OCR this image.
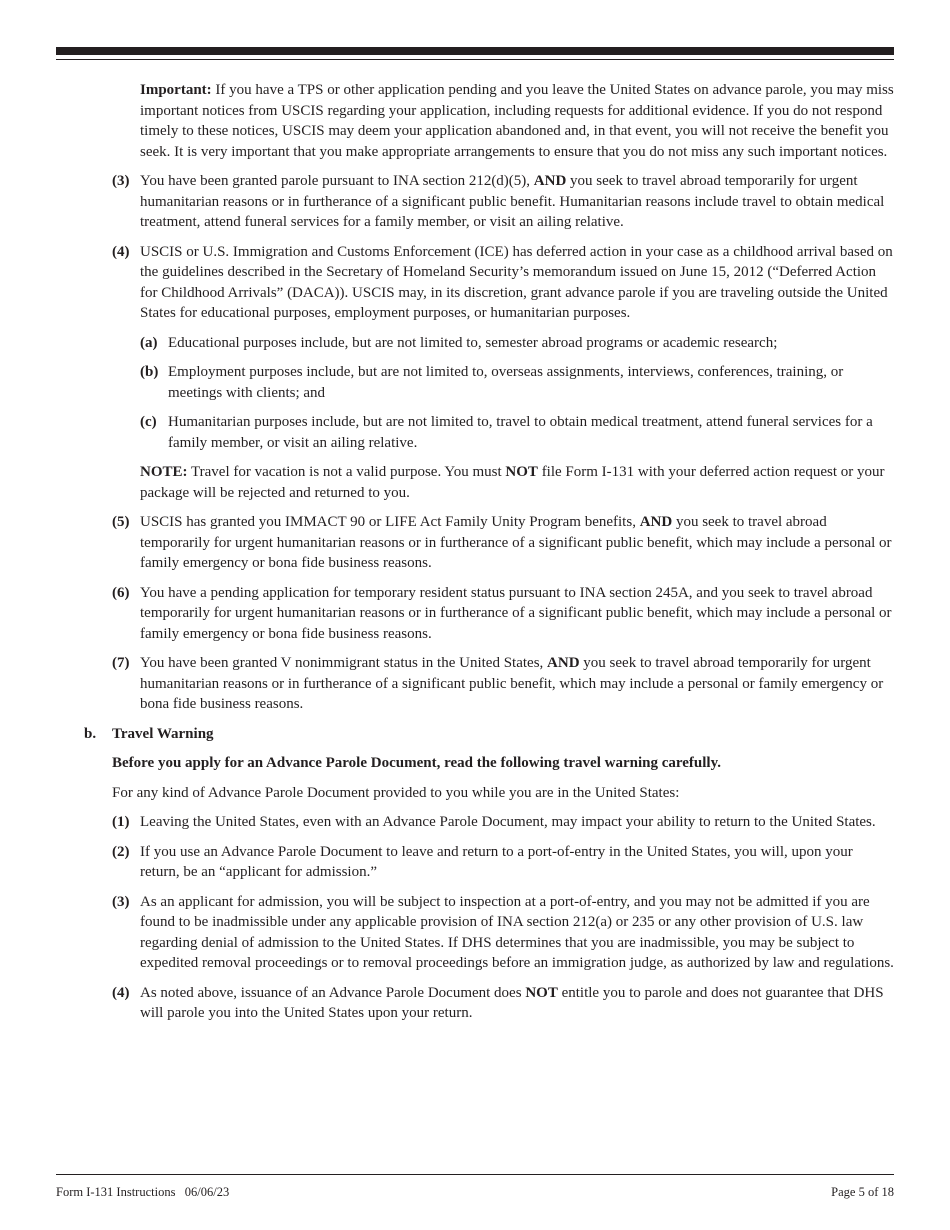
Important: If you have a TPS or other application pending and you leave the United States on advance parole, you may miss important notices from USCIS regarding your application, including requests for additional evidence. If you do not respond timely to these notices, USCIS may deem your application abandoned and, in that event, you will not receive the benefit you seek. It is very important that you make appropriate arrangements to ensure that you do not miss any such important notices.

(3) You have been granted parole pursuant to INA section 212(d)(5), AND you seek to travel abroad temporarily for urgent humanitarian reasons or in furtherance of a significant public benefit. Humanitarian reasons include travel to obtain medical treatment, attend funeral services for a family member, or visit an ailing relative.

(4) USCIS or U.S. Immigration and Customs Enforcement (ICE) has deferred action in your case as a childhood arrival based on the guidelines described in the Secretary of Homeland Security’s memorandum issued on June 15, 2012 (“Deferred Action for Childhood Arrivals” (DACA)). USCIS may, in its discretion, grant advance parole if you are traveling outside the United States for educational purposes, employment purposes, or humanitarian purposes.

(a) Educational purposes include, but are not limited to, semester abroad programs or academic research;

(b) Employment purposes include, but are not limited to, overseas assignments, interviews, conferences, training, or meetings with clients; and

(c) Humanitarian purposes include, but are not limited to, travel to obtain medical treatment, attend funeral services for a family member, or visit an ailing relative.

NOTE: Travel for vacation is not a valid purpose. You must NOT file Form I-131 with your deferred action request or your package will be rejected and returned to you.

(5) USCIS has granted you IMMACT 90 or LIFE Act Family Unity Program benefits, AND you seek to travel abroad temporarily for urgent humanitarian reasons or in furtherance of a significant public benefit, which may include a personal or family emergency or bona fide business reasons.

(6) You have a pending application for temporary resident status pursuant to INA section 245A, and you seek to travel abroad temporarily for urgent humanitarian reasons or in furtherance of a significant public benefit, which may include a personal or family emergency or bona fide business reasons.

(7) You have been granted V nonimmigrant status in the United States, AND you seek to travel abroad temporarily for urgent humanitarian reasons or in furtherance of a significant public benefit, which may include a personal or family emergency or bona fide business reasons.

b. Travel Warning

Before you apply for an Advance Parole Document, read the following travel warning carefully.

For any kind of Advance Parole Document provided to you while you are in the United States:

(1) Leaving the United States, even with an Advance Parole Document, may impact your ability to return to the United States.

(2) If you use an Advance Parole Document to leave and return to a port-of-entry in the United States, you will, upon your return, be an “applicant for admission.”

(3) As an applicant for admission, you will be subject to inspection at a port-of-entry, and you may not be admitted if you are found to be inadmissible under any applicable provision of INA section 212(a) or 235 or any other provision of U.S. law regarding denial of admission to the United States. If DHS determines that you are inadmissible, you may be subject to expedited removal proceedings or to removal proceedings before an immigration judge, as authorized by law and regulations.

(4) As noted above, issuance of an Advance Parole Document does NOT entitle you to parole and does not guarantee that DHS will parole you into the United States upon your return.

Form I-131 Instructions   06/06/23	Page 5 of 18
